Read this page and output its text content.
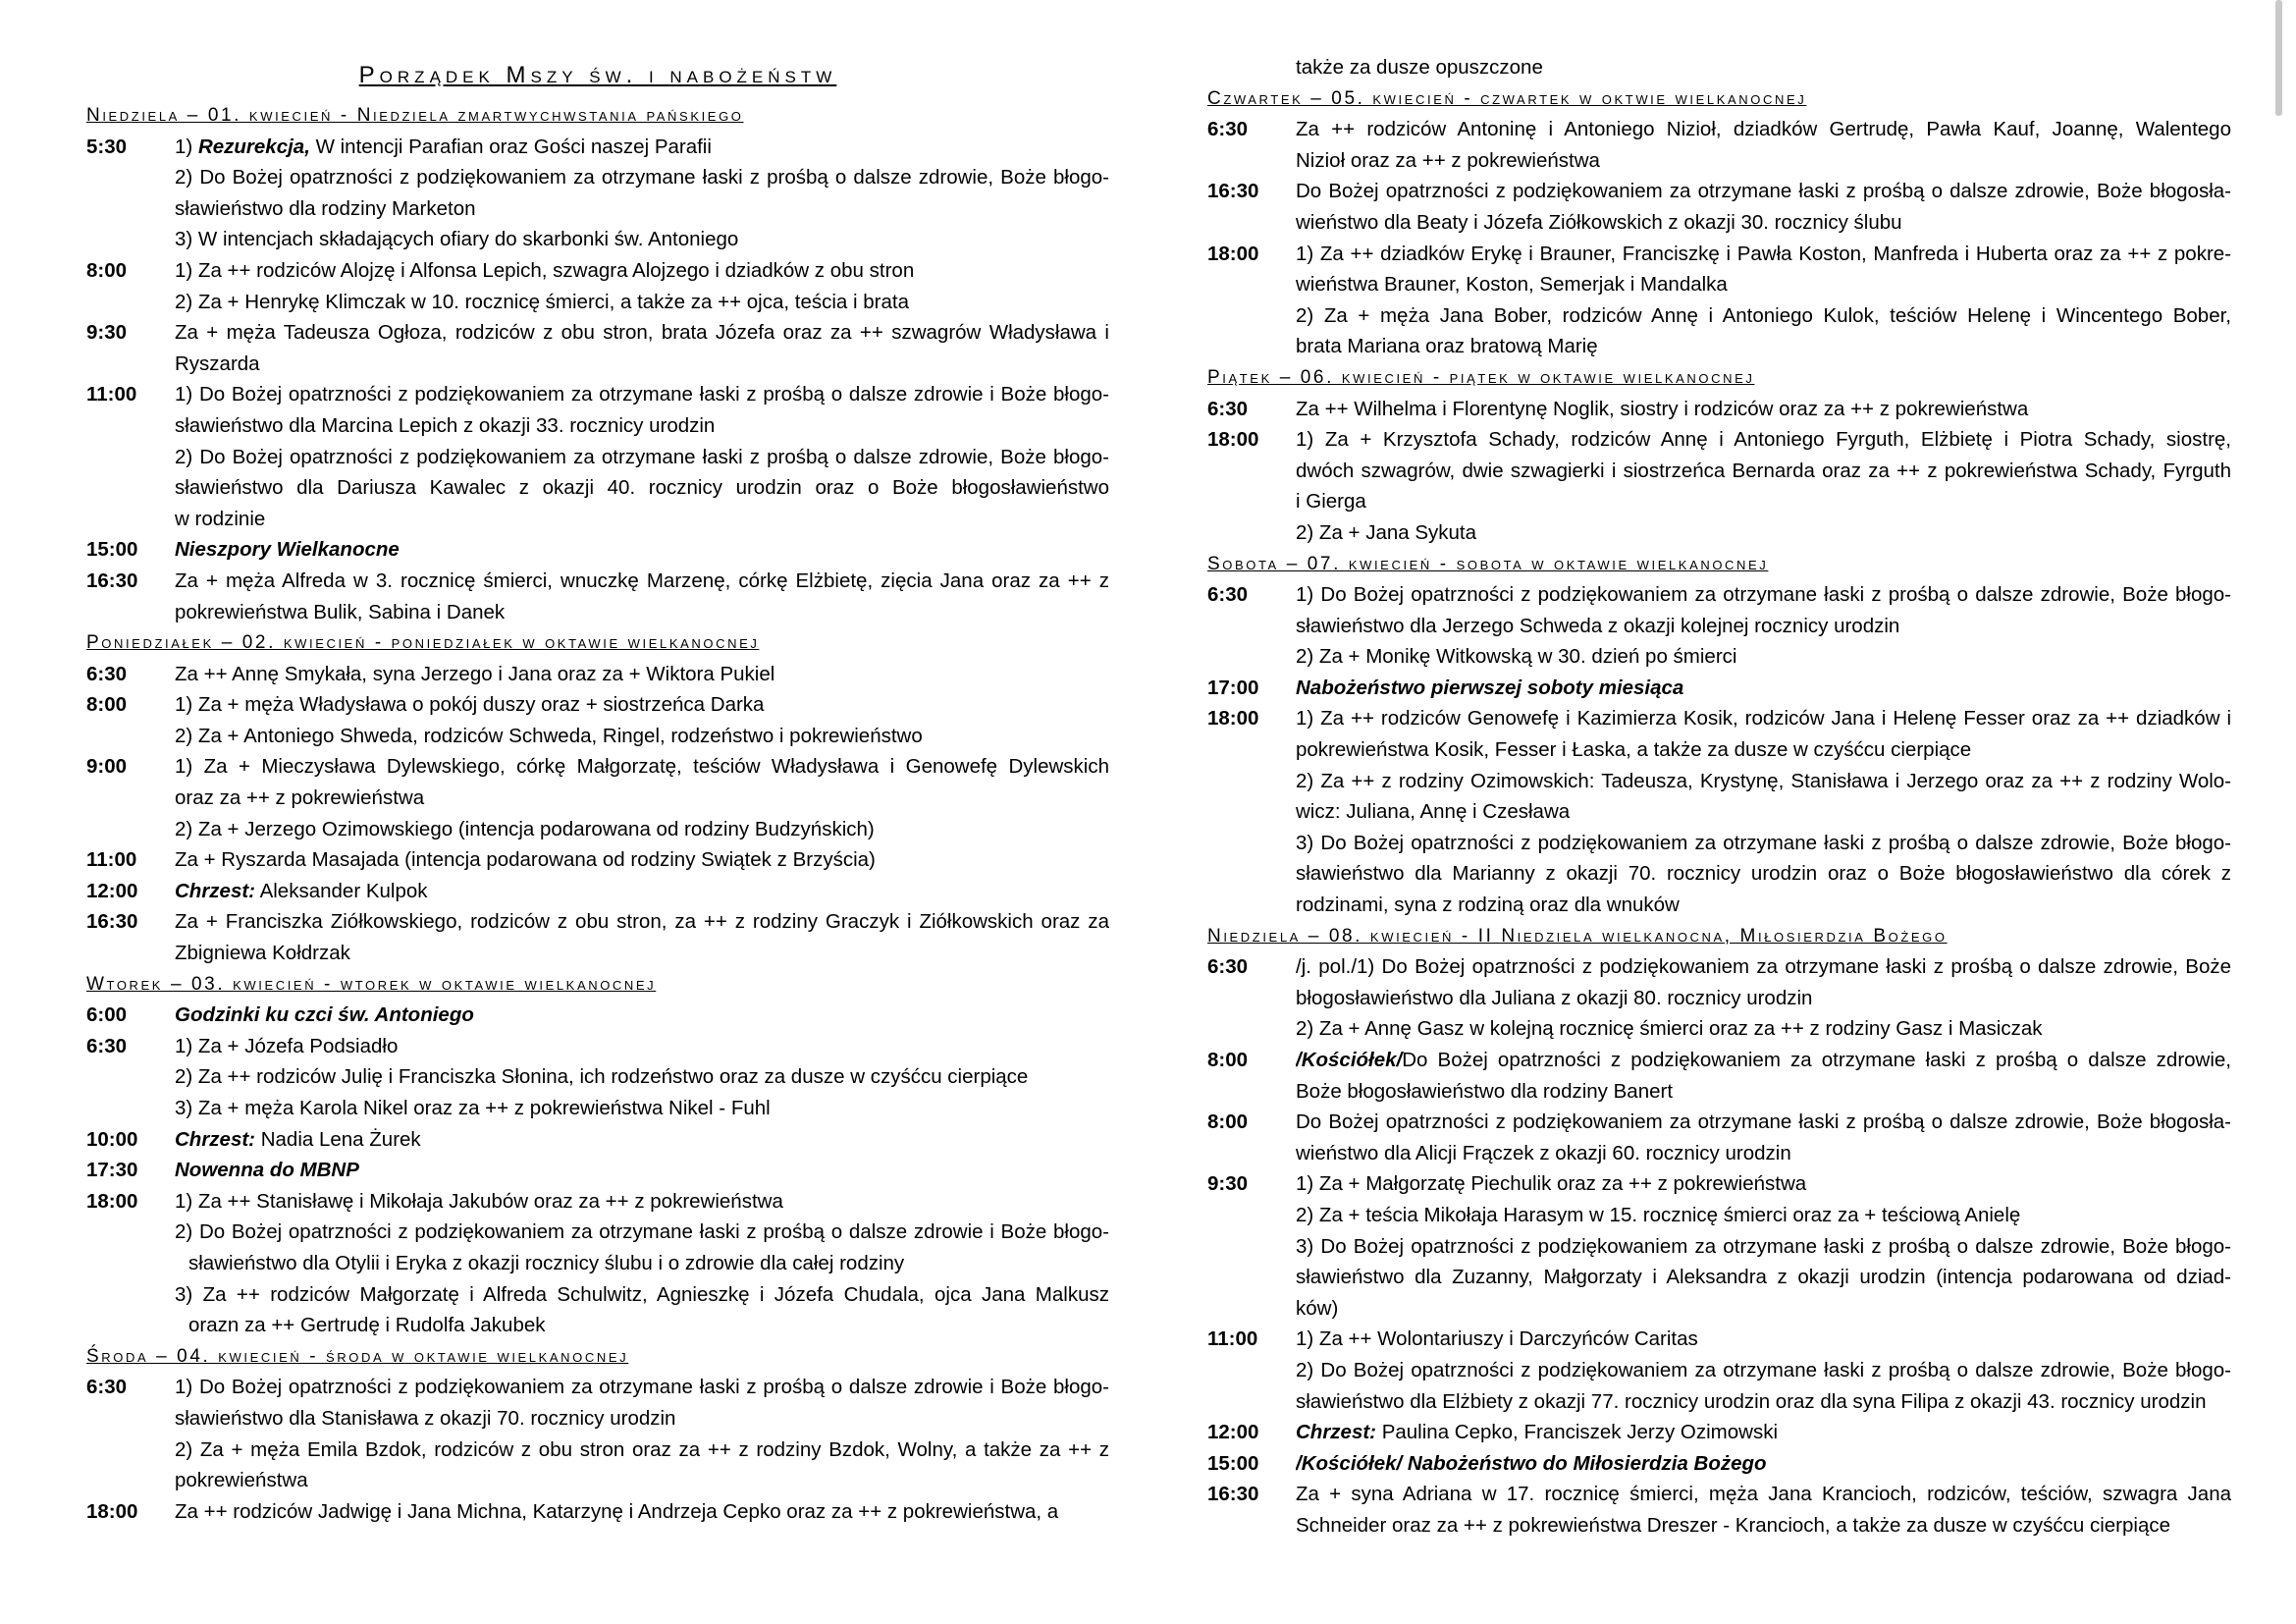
Porządek Mszy św. i nabożeństw
Niedziela – 01. kwiecień - Niedziela zmartwychwstania pańskiego
5:30	1) Rezurekcja, W intencji Parafian oraz Gości naszej Parafii
2) Do Bożej opatrzności z podziękowaniem za otrzymane łaski z prośbą o dalsze zdrowie, Boże błogo-
sławieństwo dla rodziny Marketon
3) W intencjach składających ofiary do skarbonki św. Antoniego
8:00	1) Za ++ rodziców Alojzę i Alfonsa Lepich, szwagra Alojzego i dziadków z obu stron
2) Za + Henrykę Klimczak w 10. rocznicę śmierci, a także za ++ ojca, teścia i brata
9:30	Za + męża Tadeusza Ogłoza, rodziców z obu stron, brata Józefa oraz za ++ szwagrów Władysława i
Ryszarda
11:00	1) Do Bożej opatrzności z podziękowaniem za otrzymane łaski z prośbą o dalsze zdrowie i Boże błogo-
sławieństwo dla Marcina Lepich z okazji 33. rocznicy urodzin
2) Do Bożej opatrzności z podziękowaniem za otrzymane łaski z prośbą o dalsze zdrowie, Boże błogo-
sławieństwo dla Dariusza Kawalec z okazji 40. rocznicy urodzin oraz o Boże błogosławieństwo
w rodzinie
15:00	Nieszpory Wielkanocne
16:30	Za + męża Alfreda w 3. rocznicę śmierci, wnuczkę Marzenę, córkę Elżbietę, zięcia Jana oraz za ++ z
pokrewieństwa Bulik, Sabina i Danek
Poniedziałek – 02. kwiecień - poniedziałek w oktawie wielkanocnej
6:30	Za ++ Annę Smykała, syna Jerzego i Jana oraz za + Wiktora Pukiel
8:00	1) Za + męża Władysława o pokój duszy oraz + siostrzeńca Darka
2) Za + Antoniego Shweda, rodziców Schweda, Ringel, rodzeństwo i pokrewieństwo
9:00	1) Za + Mieczysława Dylewskiego, córkę Małgorzatę, teściów Władysława i Genowefę Dylewskich
oraz za ++ z pokrewieństwa
2) Za + Jerzego Ozimowskiego (intencja podarowana od rodziny Budzyńskich)
11:00	Za + Ryszarda Masajada (intencja podarowana od rodziny Swiątek z Brzyścia)
12:00	Chrzest: Aleksander Kulpok
16:30	Za + Franciszka Ziółkowskiego, rodziców z obu stron, za ++ z rodziny Graczyk i Ziółkowskich oraz za
Zbigniewa Kołdrzak
Wtorek – 03. kwiecień - wtorek w oktawie wielkanocnej
6:00	Godzinki ku czci św. Antoniego
6:30	1) Za + Józefa Podsiadło
2) Za ++ rodziców Julię i Franciszka Słonina, ich rodzeństwo oraz za dusze w czyśćcu cierpiące
3) Za + męża Karola Nikel oraz za ++ z pokrewieństwa Nikel - Fuhl
10:00	Chrzest: Nadia Lena Żurek
17:30	Nowenna do MBNP
18:00	1) Za ++ Stanisławę i Mikołaja Jakubów oraz za ++ z pokrewieństwa
2) Do Bożej opatrzności z podziękowaniem za otrzymane łaski z prośbą o dalsze zdrowie i Boże błogo-
sławieństwo dla Otylii i Eryka z okazji rocznicy ślubu i o zdrowie dla całej rodziny
3) Za ++ rodziców Małgorzatę i Alfreda Schulwitz, Agnieszkę i Józefa Chudala, ojca Jana Malkusz
orazn za ++ Gertrudę i Rudolfa Jakubek
Środa – 04. kwiecień - środa w oktawie wielkanocnej
6:30	1) Do Bożej opatrzności z podziękowaniem za otrzymane łaski z prośbą o dalsze zdrowie i Boże błogo-
sławieństwo dla Stanisława z okazji 70. rocznicy urodzin
2) Za + męża Emila Bzdok, rodziców z obu stron oraz za ++ z rodziny Bzdok, Wolny, a także za ++ z
pokrewieństwa
18:00	Za ++ rodziców Jadwigę i Jana Michna, Katarzynę i Andrzeja Cepko oraz za ++ z pokrewieństwa, a
także za dusze opuszczone
Czwartek – 05. kwiecień - czwartek w oktwie wielkanocnej
6:30	Za ++ rodziców Antoninę i Antoniego Nizioł, dziadków Gertrudę, Pawła Kauf, Joannę, Walentego
Nizioł oraz za ++ z pokrewieństwa
16:30	Do Bożej opatrzności z podziękowaniem za otrzymane łaski z prośbą o dalsze zdrowie, Boże błogosła-
wieństwo dla Beaty i Józefa Ziółkowskich z okazji 30. rocznicy ślubu
18:00	1) Za ++ dziadków Erykę i Brauner, Franciszkę i Pawła Koston, Manfreda i Huberta oraz za ++ z pokre-
wieństwa Brauner, Koston, Semerjak i Mandalka
2) Za + męża Jana Bober, rodziców Annę i Antoniego Kulok, teściów Helenę i Wincentego Bober,
brata Mariana oraz bratową Marię
Piątek – 06. kwiecień - piątek w oktawie wielkanocnej
6:30	Za ++ Wilhelma i Florentynę Noglik, siostry i rodziców oraz za ++ z pokrewieństwa
18:00	1) Za + Krzysztofa Schady, rodziców Annę i Antoniego Fyrguth, Elżbietę i Piotra Schady, siostrę,
dwóch szwagrów, dwie szwagierki i siostrzeńca Bernarda oraz za ++ z pokrewieństwa Schady, Fyrguth
i Gierga
2) Za + Jana Sykuta
Sobota – 07. kwiecień - sobota w oktawie wielkanocnej
6:30	1) Do Bożej opatrzności z podziękowaniem za otrzymane łaski z prośbą o dalsze zdrowie, Boże błogo-
sławieństwo dla Jerzego Schweda z okazji kolejnej rocznicy urodzin
2) Za + Monikę Witkowską w 30. dzień po śmierci
17:00	Nabożeństwo pierwszej soboty miesiąca
18:00	1) Za ++ rodziców Genowefę i Kazimierza Kosik, rodziców Jana i Helenę Fesser oraz za ++ dziadków i
pokrewieństwa Kosik, Fesser i Łaska, a także za dusze w czyśćcu cierpiące
2) Za ++ z rodziny Ozimowskich: Tadeusza, Krystynę, Stanisława i Jerzego oraz za ++ z rodziny Wolo-
wicz: Juliana, Annę i Czesława
3) Do Bożej opatrzności z podziękowaniem za otrzymane łaski z prośbą o dalsze zdrowie, Boże błogo-
sławieństwo dla Marianny z okazji 70. rocznicy urodzin oraz o Boże błogosławieństwo dla córek z
rodzinami, syna z rodziną oraz dla wnuków
Niedziela – 08. kwiecień - II Niedziela wielkanocna, Miłosierdzia Bożego
6:30	/j. pol./1) Do Bożej opatrzności z podziękowaniem za otrzymane łaski z prośbą o dalsze zdrowie, Boże
błogosławieństwo dla Juliana z okazji 80. rocznicy urodzin
2) Za + Annę Gasz w kolejną rocznicę śmierci oraz za ++ z rodziny Gasz i Masiczak
8:00	/Kościółek/Do Bożej opatrzności z podziękowaniem za otrzymane łaski z prośbą o dalsze zdrowie,
Boże błogosławieństwo dla rodziny Banert
8:00	Do Bożej opatrzności z podziękowaniem za otrzymane łaski z prośbą o dalsze zdrowie, Boże błogosła-
wieństwo dla Alicji Frączek z okazji 60. rocznicy urodzin
9:30	1) Za + Małgorzatę Piechulik oraz za ++ z pokrewieństwa
2) Za + teścia Mikołaja Harasym w 15. rocznicę śmierci oraz za + teściową Anielę
3) Do Bożej opatrzności z podziękowaniem za otrzymane łaski z prośbą o dalsze zdrowie, Boże błogo-
sławieństwo dla Zuzanny, Małgorzaty i Aleksandra z okazji urodzin (intencja podarowana od dziad-
ków)
11:00	1) Za ++ Wolontariuszy i Darczyńców Caritas
2) Do Bożej opatrzności z podziękowaniem za otrzymane łaski z prośbą o dalsze zdrowie, Boże błogo-
sławieństwo dla Elżbiety z okazji 77. rocznicy urodzin oraz dla syna Filipa z okazji 43. rocznicy urodzin
12:00	Chrzest: Paulina Cepko, Franciszek Jerzy Ozimowski
15:00	/Kościółek/ Nabożeństwo do Miłosierdzia Bożego
16:30	Za + syna Adriana w 17. rocznicę śmierci, męża Jana Krancioch, rodziców, teściów, szwagra Jana
Schneider oraz za ++ z pokrewieństwa Dreszer - Krancioch, a także za dusze w czyśćcu cierpiące
